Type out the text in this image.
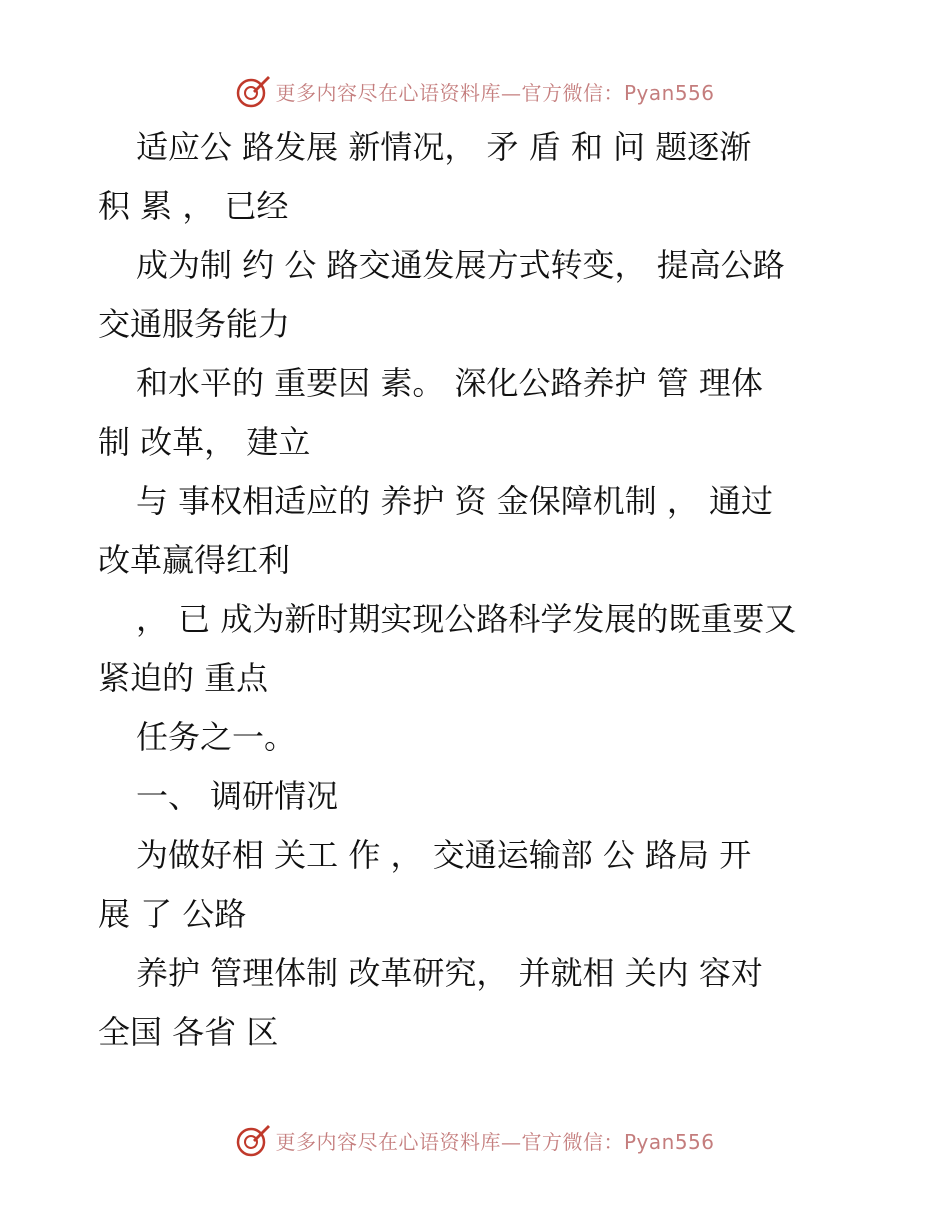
更多内容尽在心语资料库—官方微信：Pyan556
适应公 路发展 新情况， 矛 盾 和 问 题逐渐
积 累 ， 已经
成为制 约 公 路交通发展方式转变， 提高公路
交通服务能力
和水平的 重要因 素。 深化公路养护 管 理体
制 改革， 建立
与 事权相适应的 养护 资 金保障机制 ， 通过
改革赢得红利
， 已 成为新时期实现公路科学发展的既重要又
紧迫的 重点
任务之一。
一、 调研情况
为做好相 关工 作 ， 交通运输部 公 路局 开
展 了 公路
养护 管理体制 改革研究， 并就相 关内 容对
全国 各省 区
更多内容尽在心语资料库—官方微信：Pyan556
